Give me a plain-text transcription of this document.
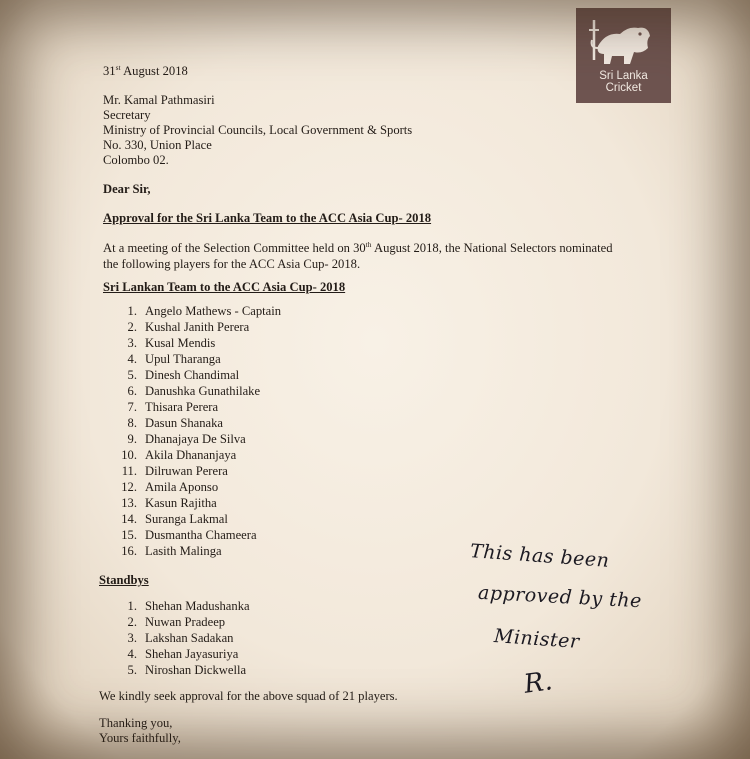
Sri Lanka
Cricket
31st August 2018
Mr. Kamal Pathmasiri
Secretary
Ministry of Provincial Councils, Local Government & Sports
No. 330, Union Place
Colombo 02.
Dear Sir,
Approval for the Sri Lanka Team to the ACC Asia Cup- 2018
At a meeting of the Selection Committee held on 30th August 2018, the National Selectors nominated
the following players for the ACC Asia Cup- 2018.
Sri Lankan Team to the ACC Asia Cup- 2018
1. Angelo Mathews - Captain
2. Kushal Janith Perera
3. Kusal Mendis
4. Upul Tharanga
5. Dinesh Chandimal
6. Danushka Gunathilake
7. Thisara Perera
8. Dasun Shanaka
9. Dhanajaya De Silva
10. Akila Dhananjaya
11. Dilruwan Perera
12. Amila Aponso
13. Kasun Rajitha
14. Suranga Lakmal
15. Dusmantha Chameera
16. Lasith Malinga
Standbys
1. Shehan Madushanka
2. Nuwan Pradeep
3. Lakshan Sadakan
4. Shehan Jayasuriya
5. Niroshan Dickwella
We kindly seek approval for the above squad of 21 players.
Thanking you,
Yours faithfully,
This has been
approved by the
Minister
R.
